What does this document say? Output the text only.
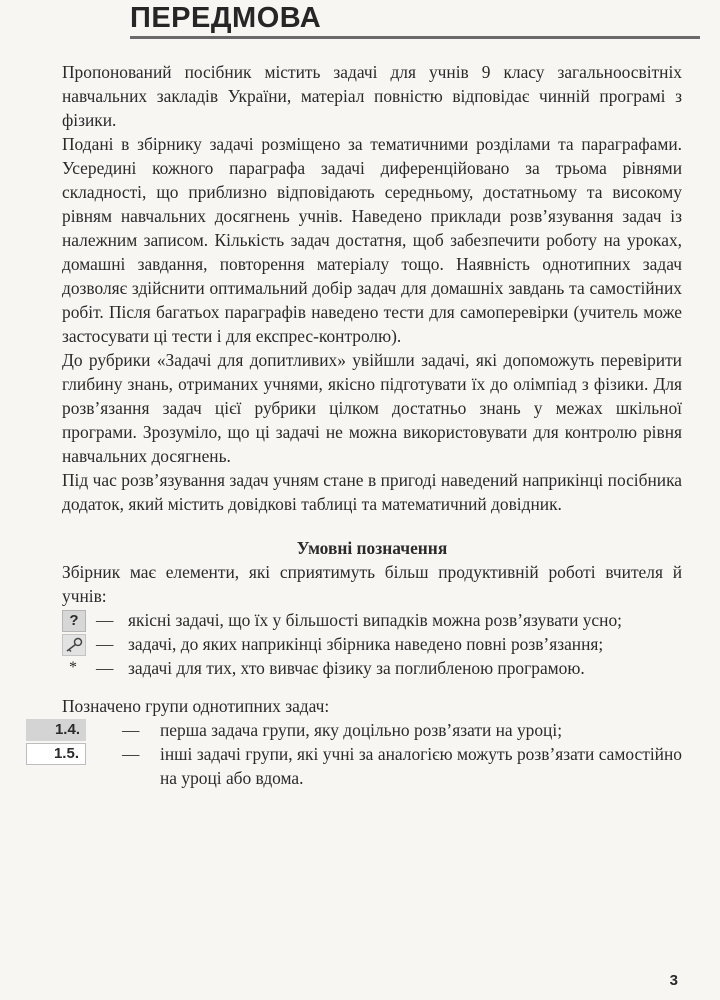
ПЕРЕДМОВА

Пропонований посібник містить задачі для учнів 9 класу загальноосвітніх навчальних закладів України, матеріал повністю відповідає чинній програмі з фізики.

Подані в збірнику задачі розміщено за тематичними розділами та параграфами. Усередині кожного параграфа задачі диференційовано за трьома рівнями складності, що приблизно відповідають середньому, достатньому та високому рівням навчальних досягнень учнів. Наведено приклади розв’язування задач із належним записом. Кількість задач достатня, щоб забезпечити роботу на уроках, домашні завдання, повторення матеріалу тощо. Наявність однотипних задач дозволяє здійснити оптимальний добір задач для домашніх завдань та самостійних робіт. Після багатьох параграфів наведено тести для самоперевірки (учитель може застосувати ці тести і для експрес-контролю).

До рубрики «Задачі для допитливих» увійшли задачі, які допоможуть перевірити глибину знань, отриманих учнями, якісно підготувати їх до олімпіад з фізики. Для розв’язання задач цієї рубрики цілком достатньо знань у межах шкільної програми. Зрозуміло, що ці задачі не можна використовувати для контролю рівня навчальних досягнень.

Під час розв’язування задач учням стане в пригоді наведений наприкінці посібника додаток, який містить довідкові таблиці та математичний довідник.

Умовні позначення

Збірник має елементи, які сприятимуть більш продуктивній роботі вчителя й учнів:

?	— якісні задачі, що їх у більшості випадків можна розв’язувати усно;
— задачі, до яких наприкінці збірника наведено повні розв’язання;
*	— задачі для тих, хто вивчає фізику за поглибленою програмою.

Позначено групи однотипних задач:

1.4.	— перша задача групи, яку доцільно розв’язати на уроці;
1.5.	— інші задачі групи, які учні за аналогією можуть розв’язати самостійно на уроці або вдома.
3
